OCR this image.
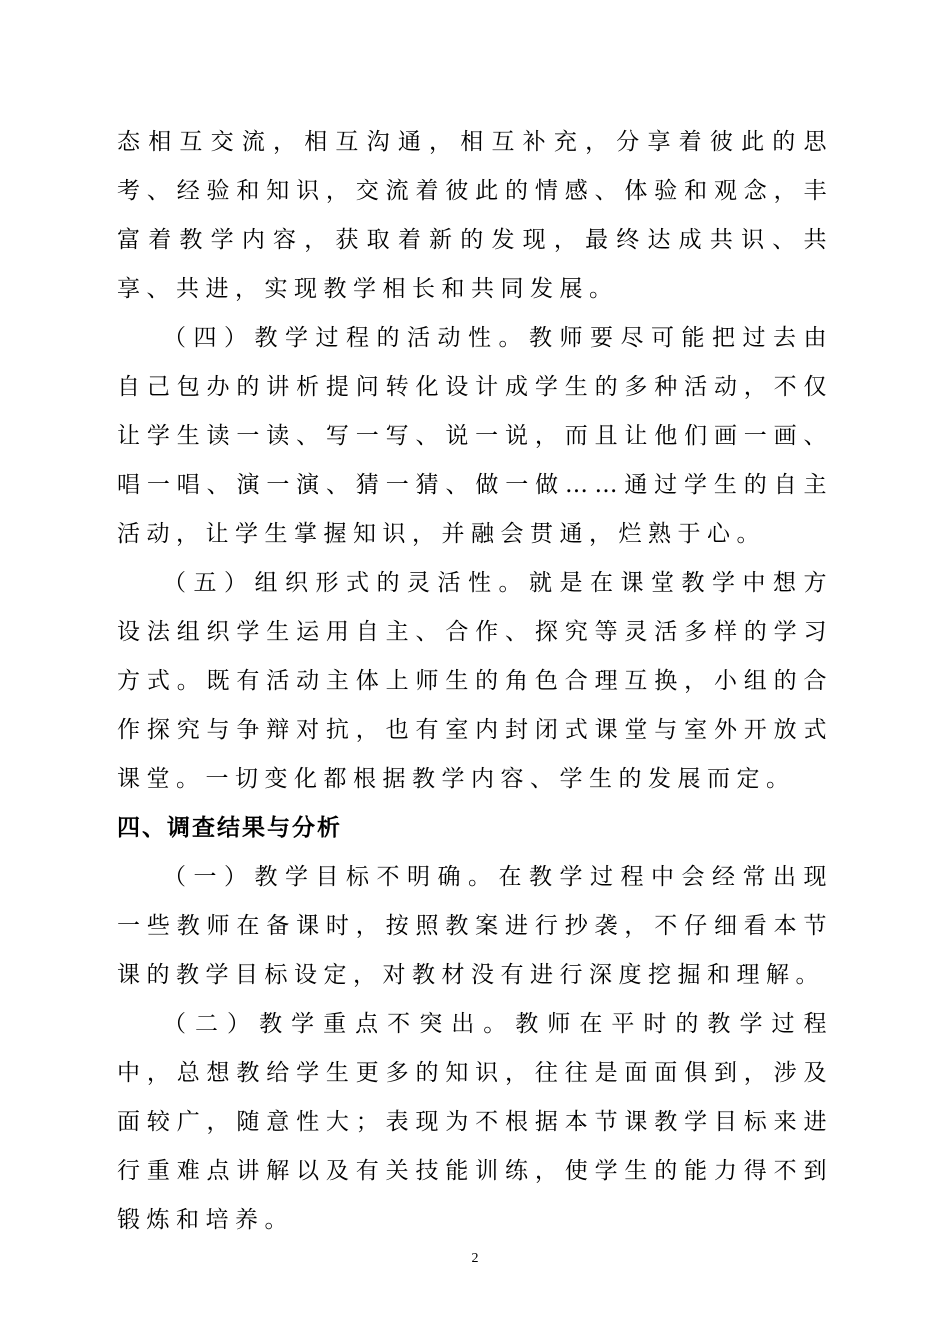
态相互交流，相互沟通，相互补充，分享着彼此的思考、经验和知识，交流着彼此的情感、体验和观念，丰富着教学内容，获取着新的发现，最终达成共识、共享、共进，实现教学相长和共同发展。

（四）教学过程的活动性。教师要尽可能把过去由自己包办的讲析提问转化设计成学生的多种活动，不仅让学生读一读、写一写、说一说，而且让他们画一画、唱一唱、演一演、猜一猜、做一做……通过学生的自主活动，让学生掌握知识，并融会贯通，烂熟于心。

（五）组织形式的灵活性。就是在课堂教学中想方设法组织学生运用自主、合作、探究等灵活多样的学习方式。既有活动主体上师生的角色合理互换，小组的合作探究与争辩对抗，也有室内封闭式课堂与室外开放式课堂。一切变化都根据教学内容、学生的发展而定。

四、调查结果与分析

（一）教学目标不明确。在教学过程中会经常出现一些教师在备课时，按照教案进行抄袭，不仔细看本节课的教学目标设定，对教材没有进行深度挖掘和理解。

（二）教学重点不突出。教师在平时的教学过程中，总想教给学生更多的知识，往往是面面俱到，涉及面较广，随意性大；表现为不根据本节课教学目标来进行重难点讲解以及有关技能训练，使学生的能力得不到锻炼和培养。

2
